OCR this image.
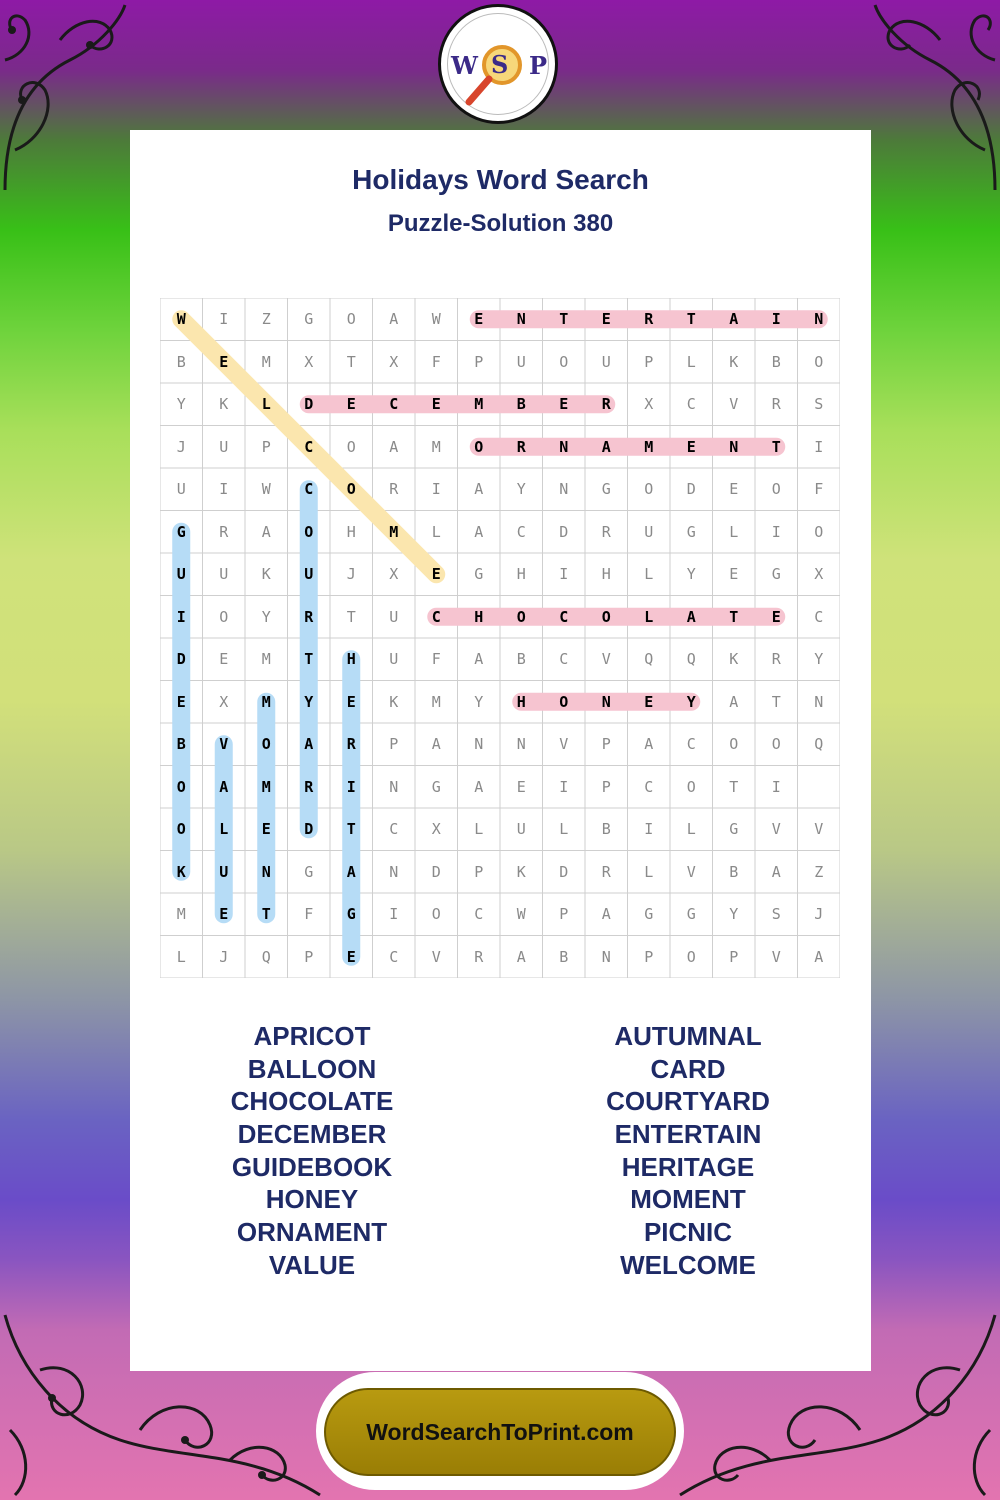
W S P
Holidays Word Search
Puzzle-Solution 380
W	I	Z	G	O	A	W	E	N	T	E	R	T	A	I	N
B	E	M	X	T	X	F	P	U	O	U	P	L	K	B	O
Y	K	L	D	E	C	E	M	B	E	R	X	C	V	R	S
J	U	P	C	O	A	M	O	R	N	A	M	E	N	T	I
U	I	W	C	O	R	I	A	Y	N	G	O	D	E	O	F
G	R	A	O	H	M	L	A	C	D	R	U	G	L	I	O
U	U	K	U	J	X	E	G	H	I	H	L	Y	E	G	X
I	O	Y	R	T	U	C	H	O	C	O	L	A	T	E	C
D	E	M	T	H	U	F	A	B	C	V	Q	Q	K	R	Y
E	X	M	Y	E	K	M	Y	H	O	N	E	Y	A	T	N
B	V	O	A	R	P	A	N	N	V	P	A	C	O	O	Q
O	A	M	R	I	N	G	A	E	I	P	C	O	T	I
O	L	E	D	T	C	X	L	U	L	B	I	L	G	V	V
K	U	N	G	A	N	D	P	K	D	R	L	V	B	A	Z
M	E	T	F	G	I	O	C	W	P	A	G	G	Y	S	J
L	J	Q	P	E	C	V	R	A	B	N	P	O	P	V	A
APRICOT
BALLOON
CHOCOLATE
DECEMBER
GUIDEBOOK
HONEY
ORNAMENT
VALUE
AUTUMNAL
CARD
COURTYARD
ENTERTAIN
HERITAGE
MOMENT
PICNIC
WELCOME
WordSearchToPrint.com
